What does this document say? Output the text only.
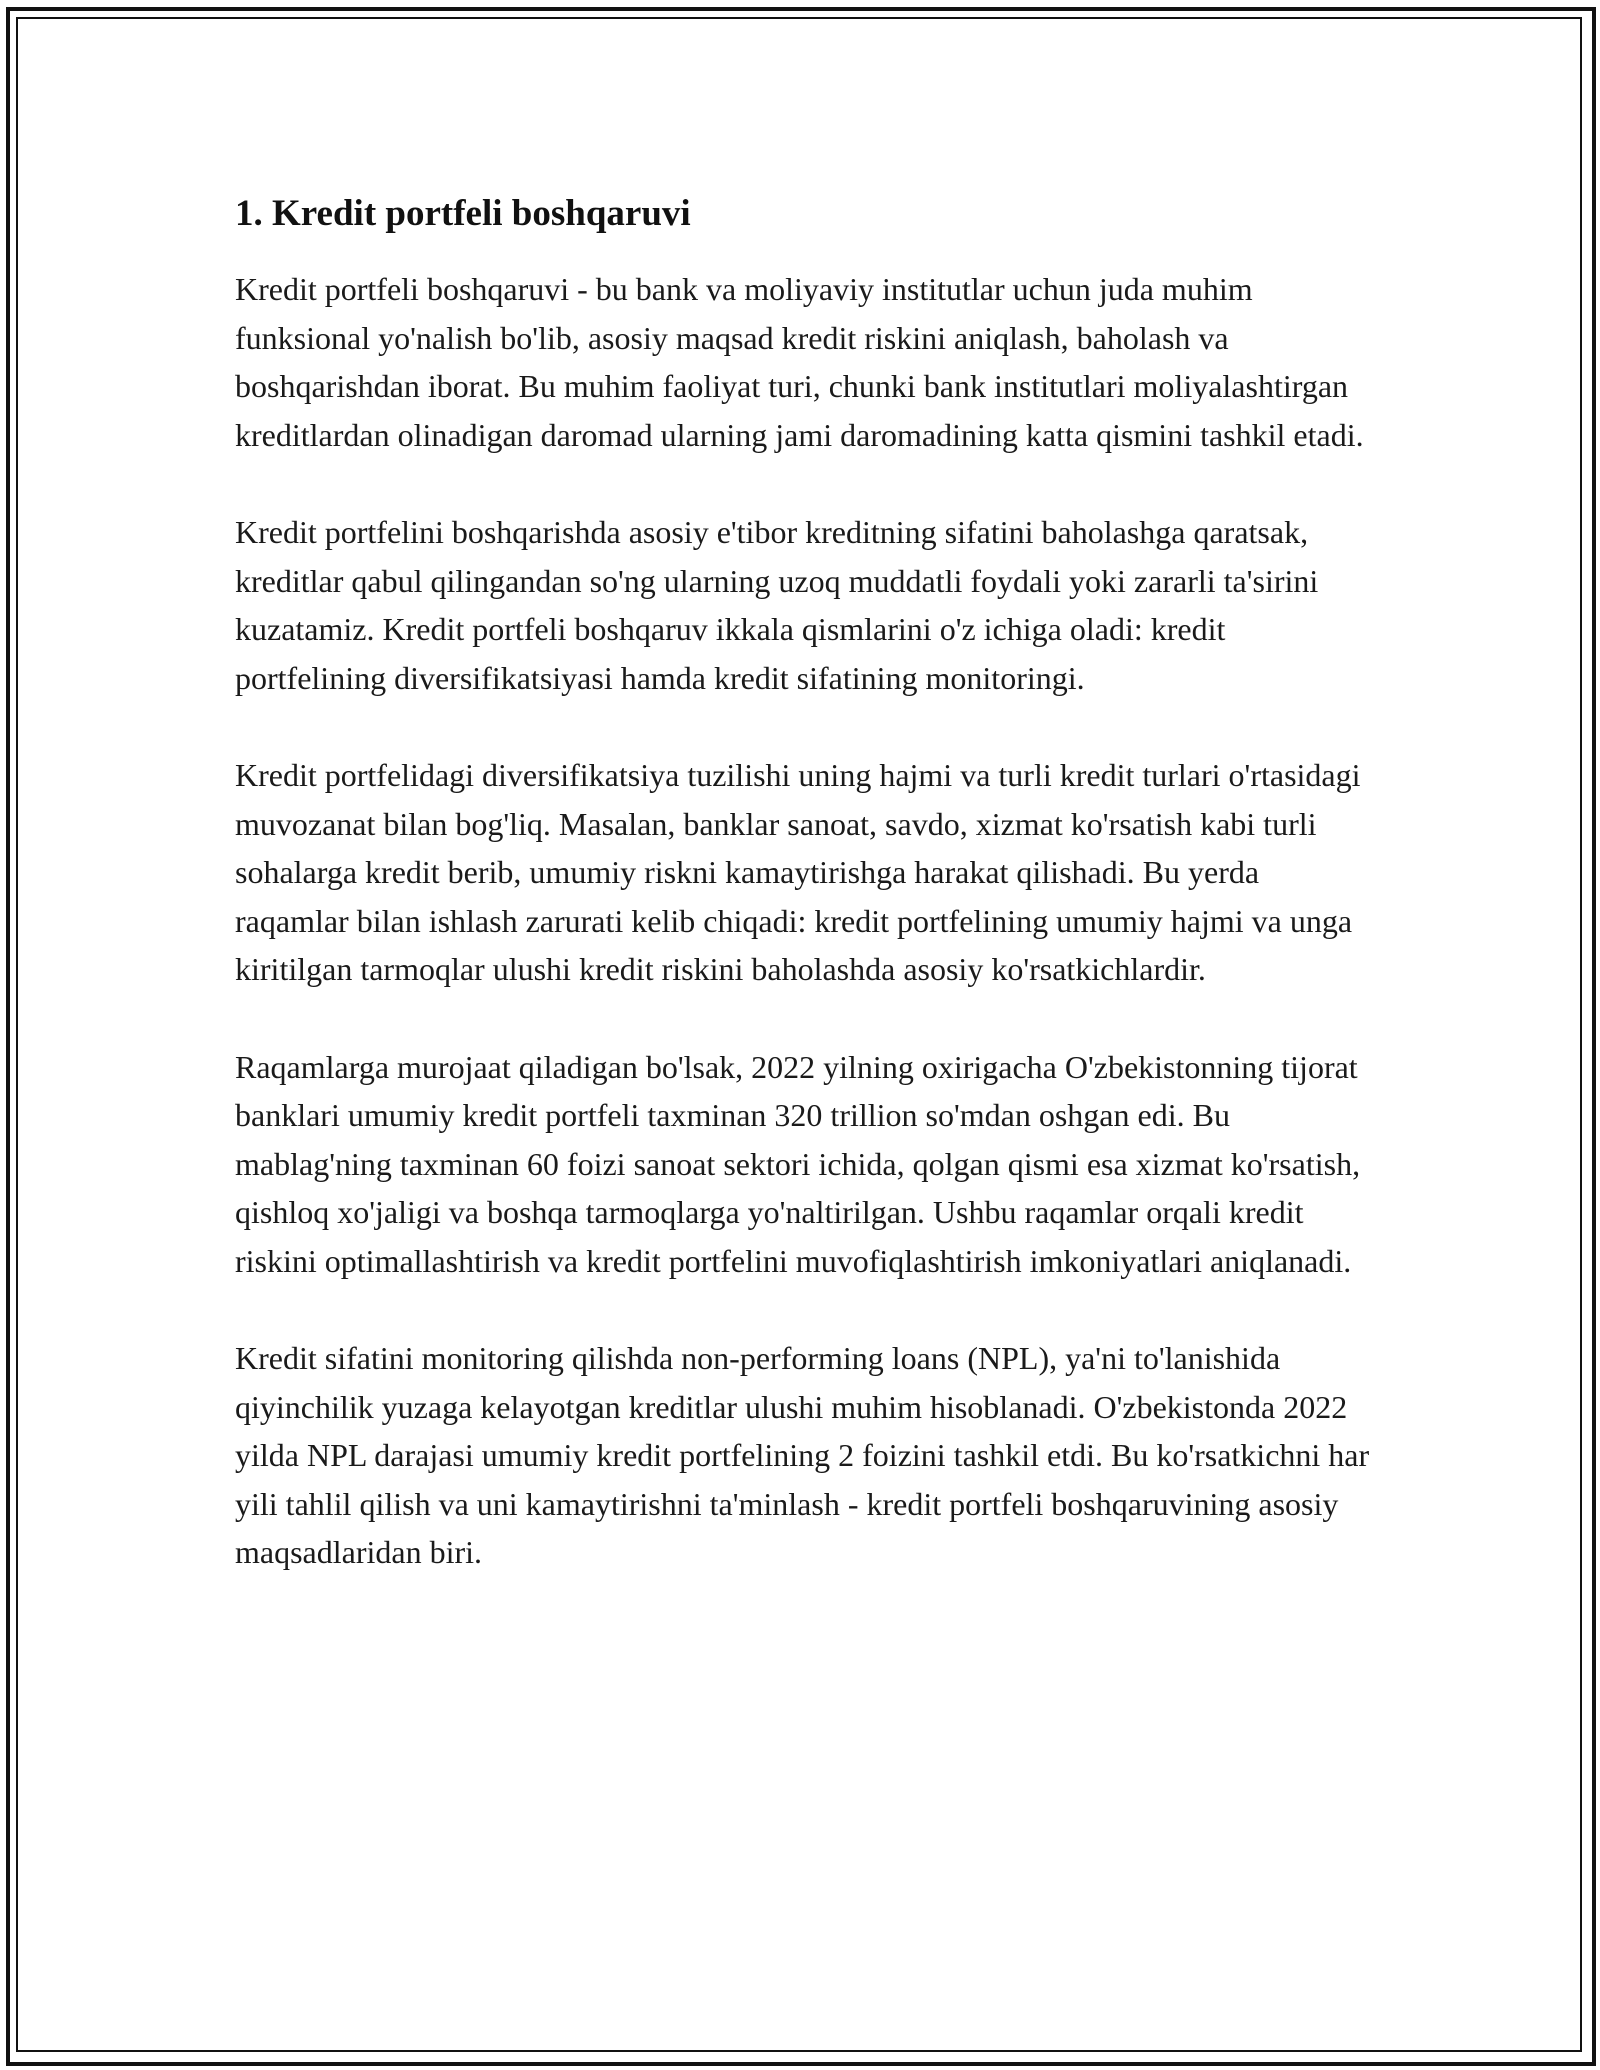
1. Kredit portfeli boshqaruvi

Kredit portfeli boshqaruvi - bu bank va moliyaviy institutlar uchun juda muhim funksional yo'nalish bo'lib, asosiy maqsad kredit riskini aniqlash, baholash va boshqarishdan iborat. Bu muhim faoliyat turi, chunki bank institutlari moliyalashtirgan kreditlardan olinadigan daromad ularning jami daromadining katta qismini tashkil etadi.

Kredit portfelini boshqarishda asosiy e'tibor kreditning sifatini baholashga qaratsak, kreditlar qabul qilingandan so'ng ularning uzoq muddatli foydali yoki zararli ta'sirini kuzatamiz. Kredit portfeli boshqaruv ikkala qismlarini o'z ichiga oladi: kredit portfelining diversifikatsiyasi hamda kredit sifatining monitoringi.

Kredit portfelidagi diversifikatsiya tuzilishi uning hajmi va turli kredit turlari o'rtasidagi muvozanat bilan bog'liq. Masalan, banklar sanoat, savdo, xizmat ko'rsatish kabi turli sohalarga kredit berib, umumiy riskni kamaytirishga harakat qilishadi. Bu yerda raqamlar bilan ishlash zarurati kelib chiqadi: kredit portfelining umumiy hajmi va unga kiritilgan tarmoqlar ulushi kredit riskini baholashda asosiy ko'rsatkichlardir.

Raqamlarga murojaat qiladigan bo'lsak, 2022 yilning oxirigacha O'zbekistonning tijorat banklari umumiy kredit portfeli taxminan 320 trillion so'mdan oshgan edi. Bu mablag'ning taxminan 60 foizi sanoat sektori ichida, qolgan qismi esa xizmat ko'rsatish, qishloq xo'jaligi va boshqa tarmoqlarga yo'naltirilgan. Ushbu raqamlar orqali kredit riskini optimallashtirish va kredit portfelini muvofiqlashtirish imkoniyatlari aniqlanadi.

Kredit sifatini monitoring qilishda non-performing loans (NPL), ya'ni to'lanishida qiyinchilik yuzaga kelayotgan kreditlar ulushi muhim hisoblanadi. O'zbekistonda 2022 yilda NPL darajasi umumiy kredit portfelining 2 foizini tashkil etdi. Bu ko'rsatkichni har yili tahlil qilish va uni kamaytirishni ta'minlash - kredit portfeli boshqaruvining asosiy maqsadlaridan biri.
